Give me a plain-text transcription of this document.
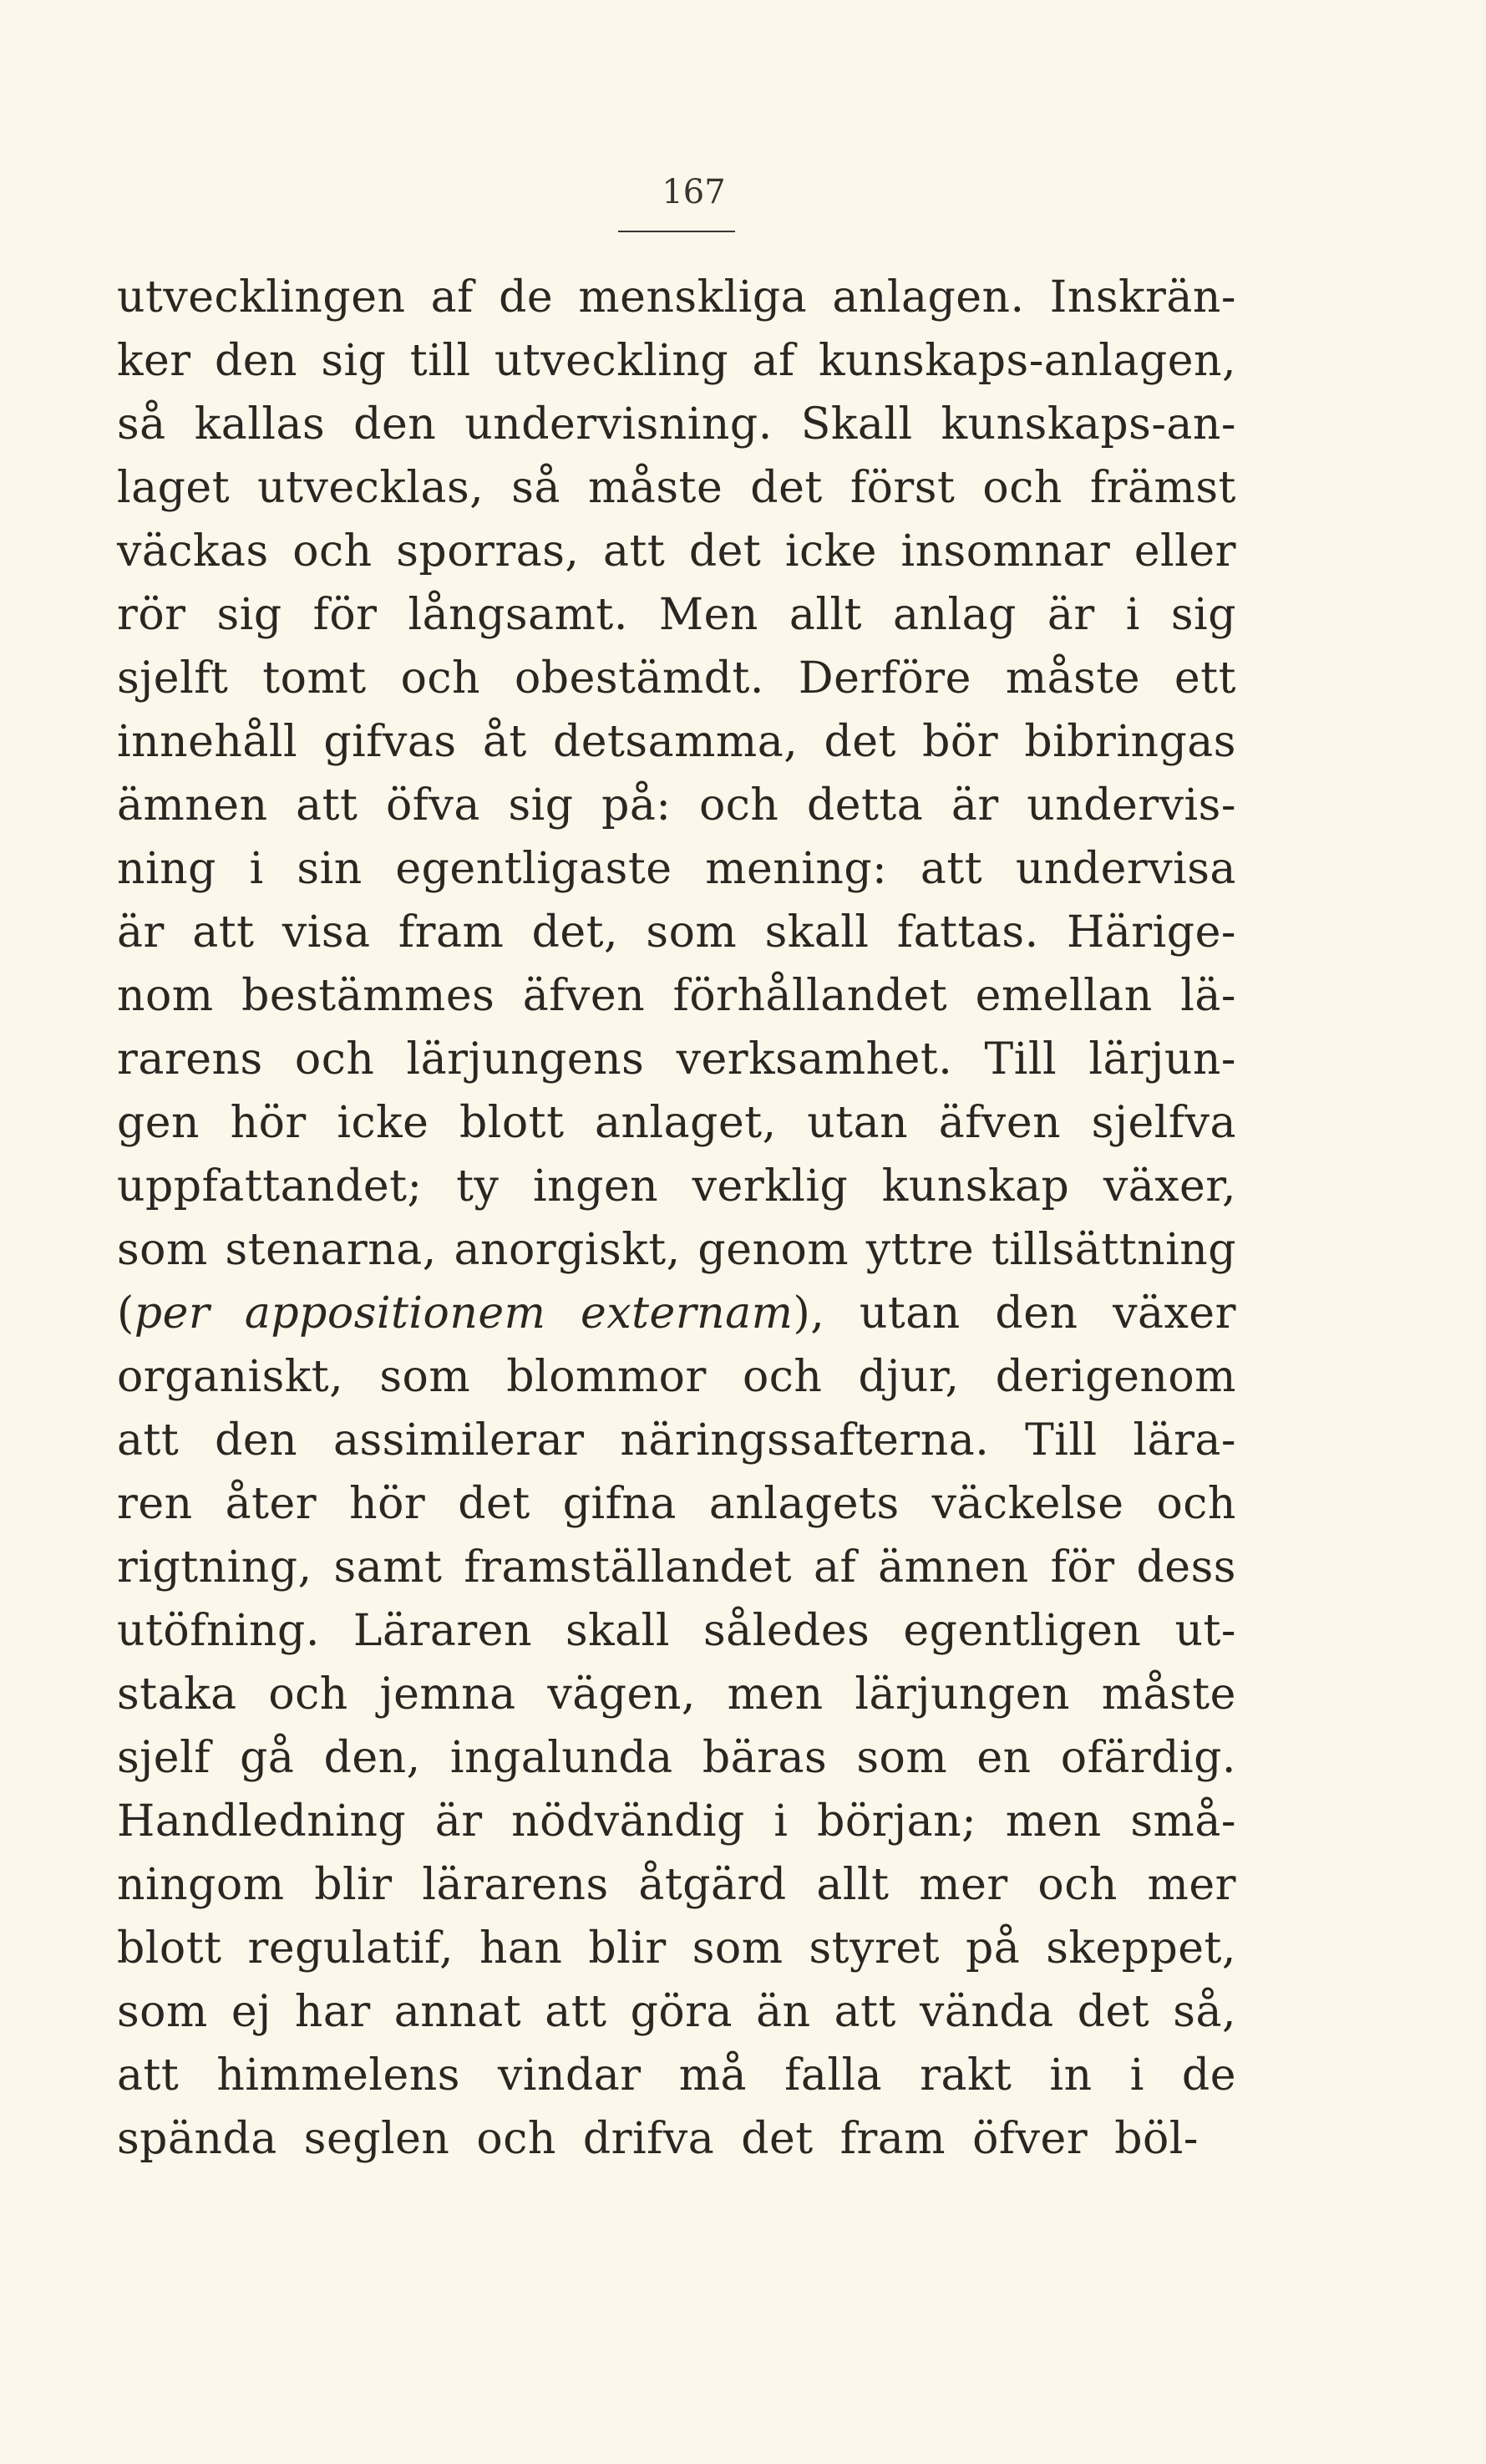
167
utvecklingen af de menskliga anlagen. Inskrän-
ker den sig till utveckling af kunskaps-anlagen,
så kallas den undervisning. Skall kunskaps-an-
laget utvecklas, så måste det först och främst
väckas och sporras, att det icke insomnar eller
rör sig för långsamt. Men allt anlag är i sig
sjelft tomt och obestämdt. Derföre måste ett
innehåll gifvas åt detsamma, det bör bibringas
ämnen att öfva sig på: och detta är undervis-
ning i sin egentligaste mening: att undervisa
är att visa fram det, som skall fattas. Härige-
nom bestämmes äfven förhållandet emellan lä-
rarens och lärjungens verksamhet. Till lärjun-
gen hör icke blott anlaget, utan äfven sjelfva
uppfattandet; ty ingen verklig kunskap växer,
som stenarna, anorgiskt, genom yttre tillsättning
(per appositionem externam), utan den växer
organiskt, som blommor och djur, derigenom
att den assimilerar näringssafterna. Till lära-
ren åter hör det gifna anlagets väckelse och
rigtning, samt framställandet af ämnen för dess
utöfning. Läraren skall således egentligen ut-
staka och jemna vägen, men lärjungen måste
sjelf gå den, ingalunda bäras som en ofärdig.
Handledning är nödvändig i början; men små-
ningom blir lärarens åtgärd allt mer och mer
blott regulatif, han blir som styret på skeppet,
som ej har annat att göra än att vända det så,
att himmelens vindar må falla rakt in i de
spända seglen och drifva det fram öfver böl-
